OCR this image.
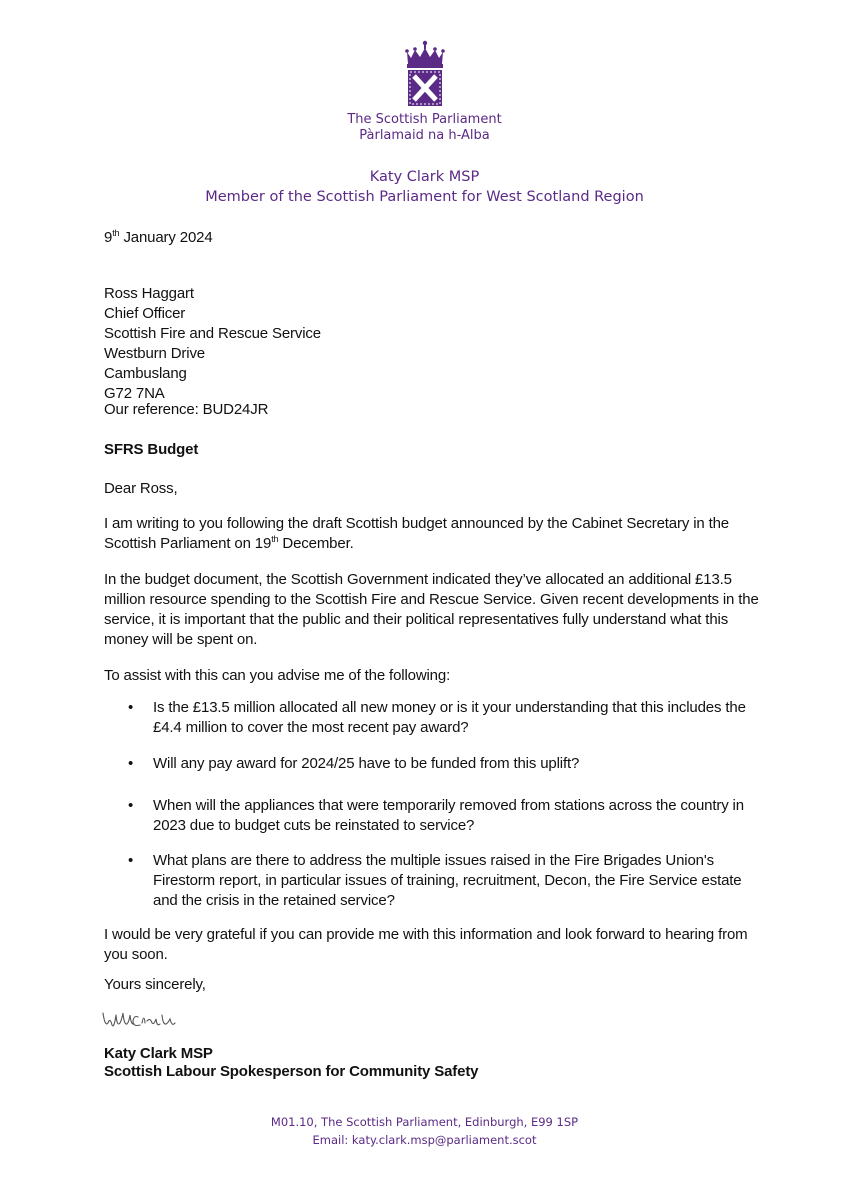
The Scottish Parliament
Pàrlamaid na h-Alba
Katy Clark MSP
Member of the Scottish Parliament for West Scotland Region
9th January 2024
Ross Haggart
Chief Officer
Scottish Fire and Rescue Service
Westburn Drive
Cambuslang
G72 7NA
Our reference: BUD24JR
SFRS Budget
Dear Ross,
I am writing to you following the draft Scottish budget announced by the Cabinet Secretary in the Scottish Parliament on 19th December.
In the budget document, the Scottish Government indicated they’ve allocated an additional £13.5 million resource spending to the Scottish Fire and Rescue Service. Given recent developments in the service, it is important that the public and their political representatives fully understand what this money will be spent on.
To assist with this can you advise me of the following:
•	Is the £13.5 million allocated all new money or is it your understanding that this includes the £4.4 million to cover the most recent pay award?
•	Will any pay award for 2024/25 have to be funded from this uplift?
•	When will the appliances that were temporarily removed from stations across the country in 2023 due to budget cuts be reinstated to service?
•	What plans are there to address the multiple issues raised in the Fire Brigades Union's Firestorm report, in particular issues of training, recruitment, Decon, the Fire Service estate and the crisis in the retained service?
I would be very grateful if you can provide me with this information and look forward to hearing from you soon.
Yours sincerely,
Katy Clark MSP
Scottish Labour Spokesperson for Community Safety
M01.10, The Scottish Parliament, Edinburgh, E99 1SP
Email: katy.clark.msp@parliament.scot
